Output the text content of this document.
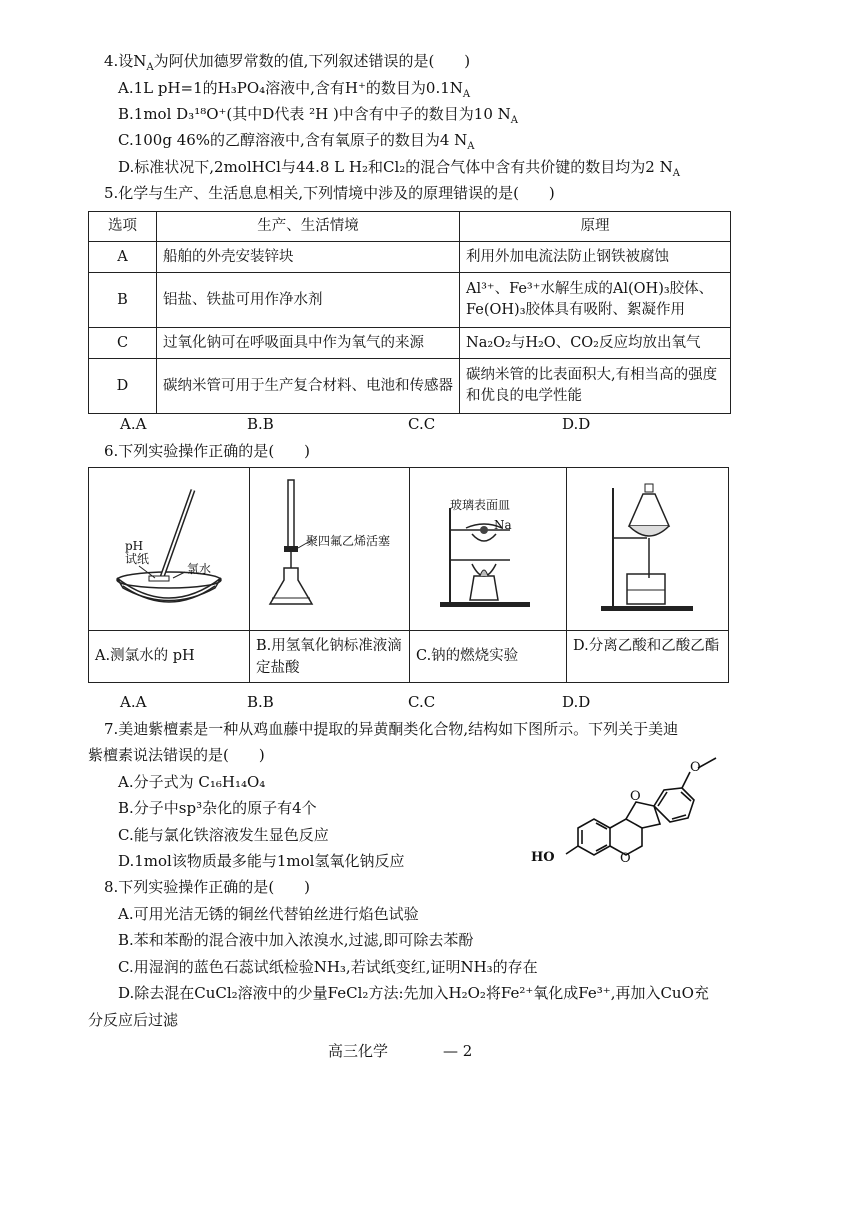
4.设$N_A$为阿伏加德罗常数的值,下列叙述错误的是(　　)
A.1L pH=1的H₃PO₄溶液中,含有H⁺的数目为$0.1N_A$
B.1mol D₃¹⁸O⁺(其中D代表 ²H )中含有中子的数目为10 $N_A$
C.100g 46%的乙醇溶液中,含有氧原子的数目为4 $N_A$
D.标准状况下,2molHCl与44.8 L H₂和Cl₂的混合气体中含有共价键的数目均为2 $N_A$
5.化学与生产、生活息息相关,下列情境中涉及的原理错误的是(　　)
选项	生产、生活情境	原理
A	船舶的外壳安装锌块	利用外加电流法防止钢铁被腐蚀
B	铝盐、铁盐可用作净水剂	Al³⁺、Fe³⁺水解生成的Al(OH)₃胶体、Fe(OH)₃胶体具有吸附、絮凝作用
C	过氧化钠可在呼吸面具中作为氧气的来源	Na₂O₂与H₂O、CO₂反应均放出氧气
D	碳纳米管可用于生产复合材料、电池和传感器	碳纳米管的比表面积大,有相当高的强度和优良的电学性能
A.A	B.B	C.C	D.D
6.下列实验操作正确的是(　　)
pH
试纸
氯水
A.测氯水的 pH
聚四氟乙烯活塞
B.用氢氧化钠标准液滴定盐酸
玻璃表面皿
Na
C.钠的燃烧实验
D.分离乙酸和乙酸乙酯
A.A	B.B	C.C	D.D
7.美迪紫檀素是一种从鸡血藤中提取的异黄酮类化合物,结构如下图所示。下列关于美迪
紫檀素说法错误的是(　　)
A.分子式为 C₁₆H₁₄O₄
B.分子中sp³杂化的原子有4个
C.能与氯化铁溶液发生显色反应
D.1mol该物质最多能与1mol氢氧化钠反应
O
O
O
HO
8.下列实验操作正确的是(　　)
A.可用光洁无锈的铜丝代替铂丝进行焰色试验
B.苯和苯酚的混合液中加入浓溴水,过滤,即可除去苯酚
C.用湿润的蓝色石蕊试纸检验NH₃,若试纸变红,证明NH₃的存在
D.除去混在CuCl₂溶液中的少量FeCl₂方法:先加入H₂O₂将Fe²⁺氧化成Fe³⁺,再加入CuO充
分反应后过滤
高三化学	— 2
